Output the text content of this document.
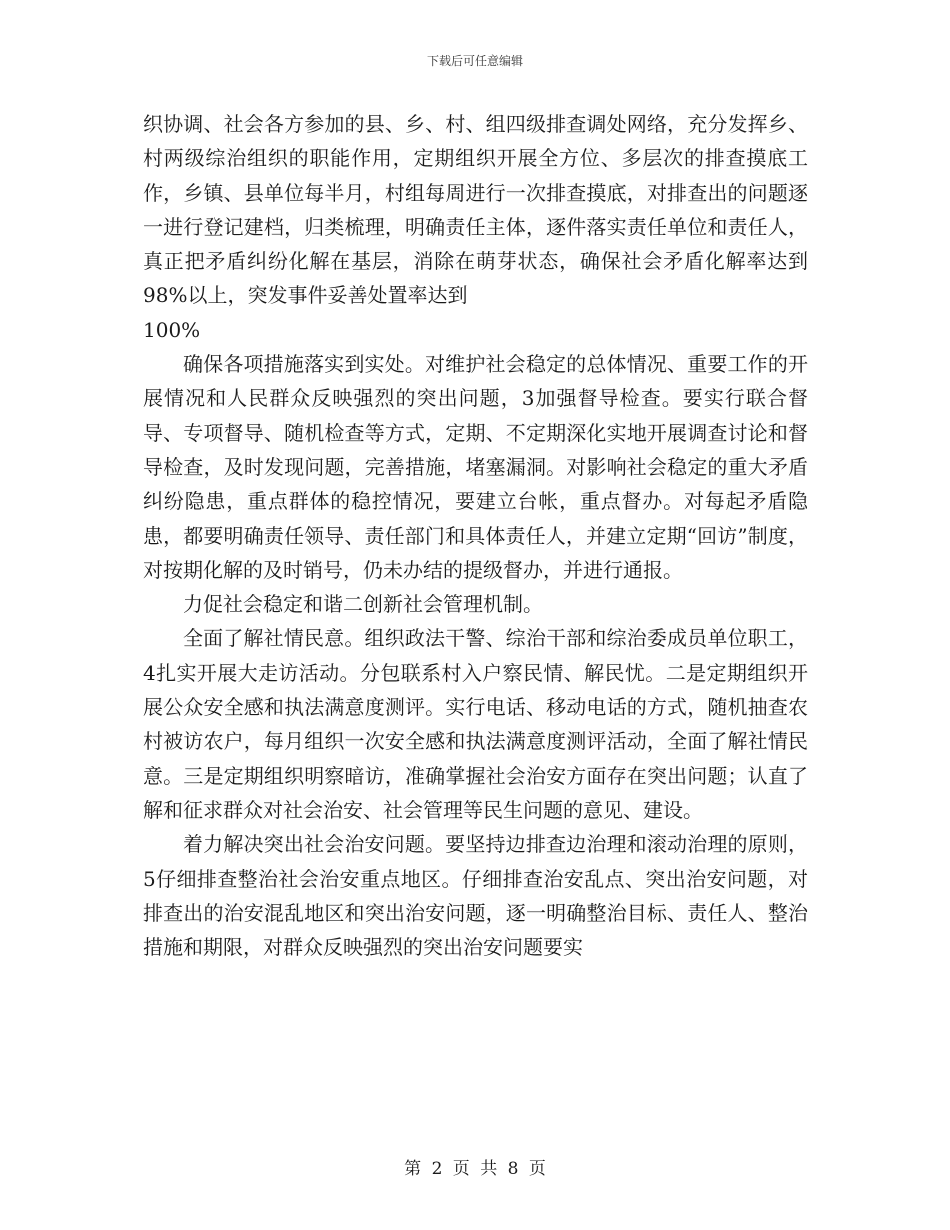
下载后可任意编辑

织协调、社会各方参加的县、乡、村、组四级排查调处网络，充分发挥乡、村两级综治组织的职能作用，定期组织开展全方位、多层次的排查摸底工作，乡镇、县单位每半月，村组每周进行一次排查摸底，对排查出的问题逐一进行登记建档，归类梳理，明确责任主体，逐件落实责任单位和责任人，真正把矛盾纠纷化解在基层，消除在萌芽状态，确保社会矛盾化解率达到98%以上，突发事件妥善处置率达到

100%

确保各项措施落实到实处。对维护社会稳定的总体情况、重要工作的开展情况和人民群众反映强烈的突出问题，3加强督导检查。要实行联合督导、专项督导、随机检查等方式，定期、不定期深化实地开展调查讨论和督导检查，及时发现问题，完善措施，堵塞漏洞。对影响社会稳定的重大矛盾纠纷隐患，重点群体的稳控情况，要建立台帐，重点督办。对每起矛盾隐患，都要明确责任领导、责任部门和具体责任人，并建立定期“回访”制度，对按期化解的及时销号，仍未办结的提级督办，并进行通报。

力促社会稳定和谐二创新社会管理机制。

全面了解社情民意。组织政法干警、综治干部和综治委成员单位职工，4扎实开展大走访活动。分包联系村入户察民情、解民忧。二是定期组织开展公众安全感和执法满意度测评。实行电话、移动电话的方式，随机抽查农村被访农户，每月组织一次安全感和执法满意度测评活动，全面了解社情民意。三是定期组织明察暗访，准确掌握社会治安方面存在突出问题；认直了解和征求群众对社会治安、社会管理等民生问题的意见、建设。

着力解决突出社会治安问题。要坚持边排查边治理和滚动治理的原则，5仔细排查整治社会治安重点地区。仔细排查治安乱点、突出治安问题，对排查出的治安混乱地区和突出治安问题，逐一明确整治目标、责任人、整治措施和期限，对群众反映强烈的突出治安问题要实

第 2 页 共 8 页
